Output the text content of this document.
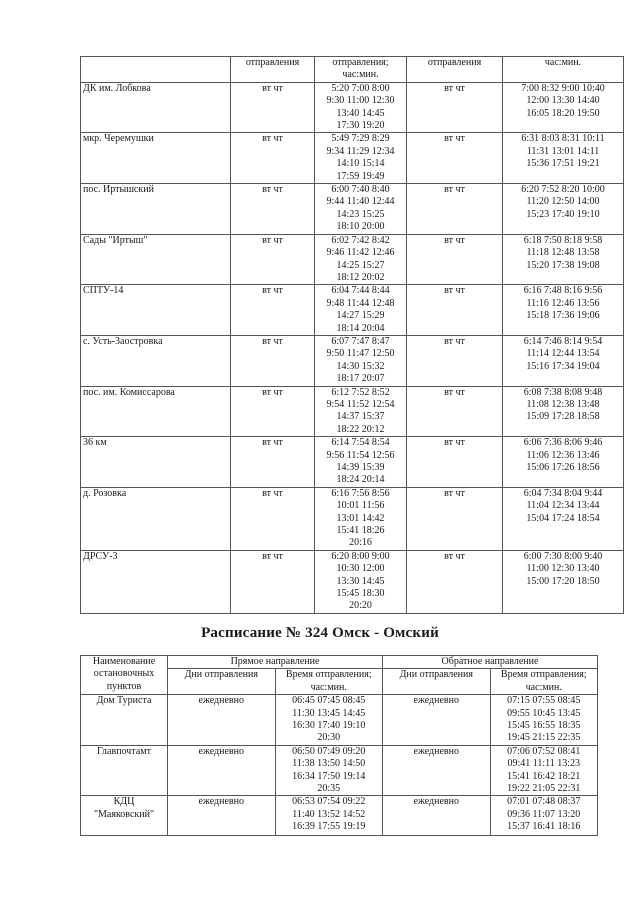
	отправления	отправления; час:мин.	отправления	час:мин.
ДК им. Лобкова	вт чт	5:20 7:00 8:00
9:30 11:00 12:30
13:40 14:45
17:30 19:20	вт чт	7:00 8:32 9:00 10:40
12:00 13:30 14:40
16:05 18:20 19:50
мкр. Черемушки	вт чт	5:49 7:29 8:29
9:34 11:29 12:34
14:10 15:14
17:59 19:49	вт чт	6:31 8:03 8:31 10:11
11:31 13:01 14:11
15:36 17:51 19:21
пос. Иртышский	вт чт	6:00 7:40 8:40
9:44 11:40 12:44
14:23 15:25
18:10 20:00	вт чт	6:20 7:52 8:20 10:00
11:20 12:50 14:00
15:23 17:40 19:10
Сады "Иртыш"	вт чт	6:02 7:42 8:42
9:46 11:42 12:46
14:25 15:27
18:12 20:02	вт чт	6:18 7:50 8:18 9:58
11:18 12:48 13:58
15:20 17:38 19:08
СПТУ-14	вт чт	6:04 7:44 8:44
9:48 11:44 12:48
14:27 15:29
18:14 20:04	вт чт	6:16 7:48 8:16 9:56
11:16 12:46 13:56
15:18 17:36 19:06
с. Усть-Заостровка	вт чт	6:07 7:47 8:47
9:50 11:47 12:50
14:30 15:32
18:17 20:07	вт чт	6:14 7:46 8:14 9:54
11:14 12:44 13:54
15:16 17:34 19:04
пос. им. Комиссарова	вт чт	6:12 7:52 8:52
9:54 11:52 12:54
14:37 15:37
18:22 20:12	вт чт	6:08 7:38 8:08 9:48
11:08 12:38 13:48
15:09 17:28 18:58
36 км	вт чт	6:14 7:54 8:54
9:56 11:54 12:56
14:39 15:39
18:24 20:14	вт чт	6:06 7:36 8:06 9:46
11:06 12:36 13:46
15:06 17:26 18:56
д. Розовка	вт чт	6:16 7:56 8:56
10:01 11:56
13:01 14:42
15:41 18:26
20:16	вт чт	6:04 7:34 8:04 9:44
11:04 12:34 13:44
15:04 17:24 18:54
ДРСУ-3	вт чт	6:20 8:00 9:00
10:30 12:00
13:30 14:45
15:45 18:30
20:20	вт чт	6:00 7:30 8:00 9:40
11:00 12:30 13:40
15:00 17:20 18:50
Расписание № 324 Омск - Омский
Наименование остановочных пунктов	Прямое направление		Обратное направление	
	Дни отправления	Время отправления; час:мин.	Дни отправления	Время отправления; час:мин.
Дом Туриста	ежедневно	06:45 07:45 08:45
11:30 13:45 14:45
16:30 17:40 19:10
20:30	ежедневно	07:15 07:55 08:45
09:55 10:45 13:45
15:45 16:55 18:35
19:45 21:15 22:35
Главпочтамт	ежедневно	06:50 07:49 09:20
11:38 13:50 14:50
16:34 17:50 19:14
20:35	ежедневно	07:06 07:52 08:41
09:41 11:11 13:23
15:41 16:42 18:21
19:22 21:05 22:31
КДЦ
"Маяковский"	ежедневно	06:53 07:54 09:22
11:40 13:52 14:52
16:39 17:55 19:19	ежедневно	07:01 07:48 08:37
09:36 11:07 13:20
15:37 16:41 18:16
